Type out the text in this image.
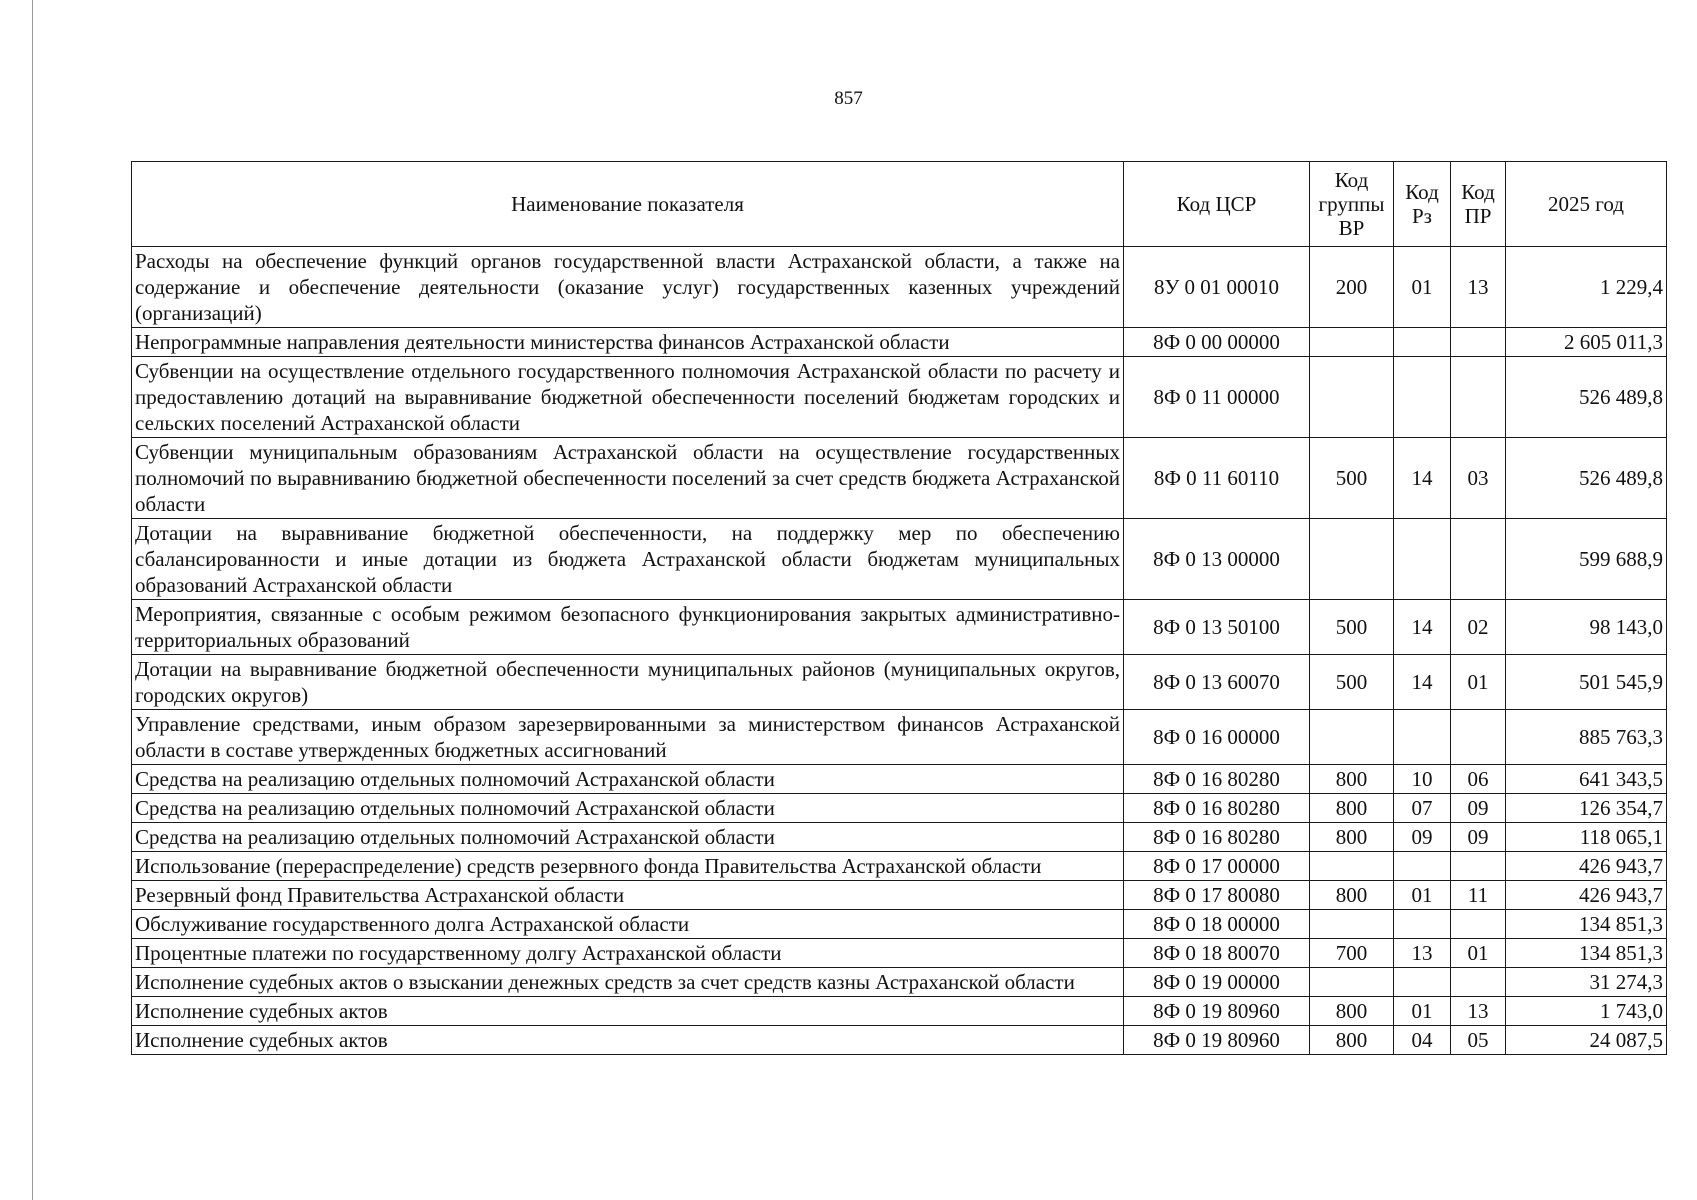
857
Наименование показателя	Код ЦСР	Код группы ВР	Код Рз	Код ПР	2025 год
Расходы на обеспечение функций органов государственной власти Астраханской области, а также на содержание и обеспечение деятельности (оказание услуг) государственных казенных учреждений (организаций)	8У 0 01 00010	200	01	13	1 229,4
Непрограммные направления деятельности министерства финансов Астраханской области	8Ф 0 00 00000				2 605 011,3
Субвенции на осуществление отдельного государственного полномочия Астраханской области по расчету и предоставлению дотаций на выравнивание бюджетной обеспеченности поселений бюджетам городских и сельских поселений Астраханской области	8Ф 0 11 00000				526 489,8
Субвенции муниципальным образованиям Астраханской области на осуществление государственных полномочий по выравниванию бюджетной обеспеченности поселений за счет средств бюджета Астраханской области	8Ф 0 11 60110	500	14	03	526 489,8
Дотации на выравнивание бюджетной обеспеченности, на поддержку мер по обеспечению сбалансированности и иные дотации из бюджета Астраханской области бюджетам муниципальных образований Астраханской области	8Ф 0 13 00000				599 688,9
Мероприятия, связанные с особым режимом безопасного функционирования закрытых административно-территориальных образований	8Ф 0 13 50100	500	14	02	98 143,0
Дотации на выравнивание бюджетной обеспеченности муниципальных районов (муниципальных округов, городских округов)	8Ф 0 13 60070	500	14	01	501 545,9
Управление средствами, иным образом зарезервированными за министерством финансов Астраханской области в составе утвержденных бюджетных ассигнований	8Ф 0 16 00000				885 763,3
Средства на реализацию отдельных полномочий Астраханской области	8Ф 0 16 80280	800	10	06	641 343,5
Средства на реализацию отдельных полномочий Астраханской области	8Ф 0 16 80280	800	07	09	126 354,7
Средства на реализацию отдельных полномочий Астраханской области	8Ф 0 16 80280	800	09	09	118 065,1
Использование (перераспределение) средств резервного фонда Правительства Астраханской области	8Ф 0 17 00000				426 943,7
Резервный фонд Правительства Астраханской области	8Ф 0 17 80080	800	01	11	426 943,7
Обслуживание государственного долга Астраханской области	8Ф 0 18 00000				134 851,3
Процентные платежи по государственному долгу Астраханской области	8Ф 0 18 80070	700	13	01	134 851,3
Исполнение судебных актов о взыскании денежных средств за счет средств казны Астраханской области	8Ф 0 19 00000				31 274,3
Исполнение судебных актов	8Ф 0 19 80960	800	01	13	1 743,0
Исполнение судебных актов	8Ф 0 19 80960	800	04	05	24 087,5
